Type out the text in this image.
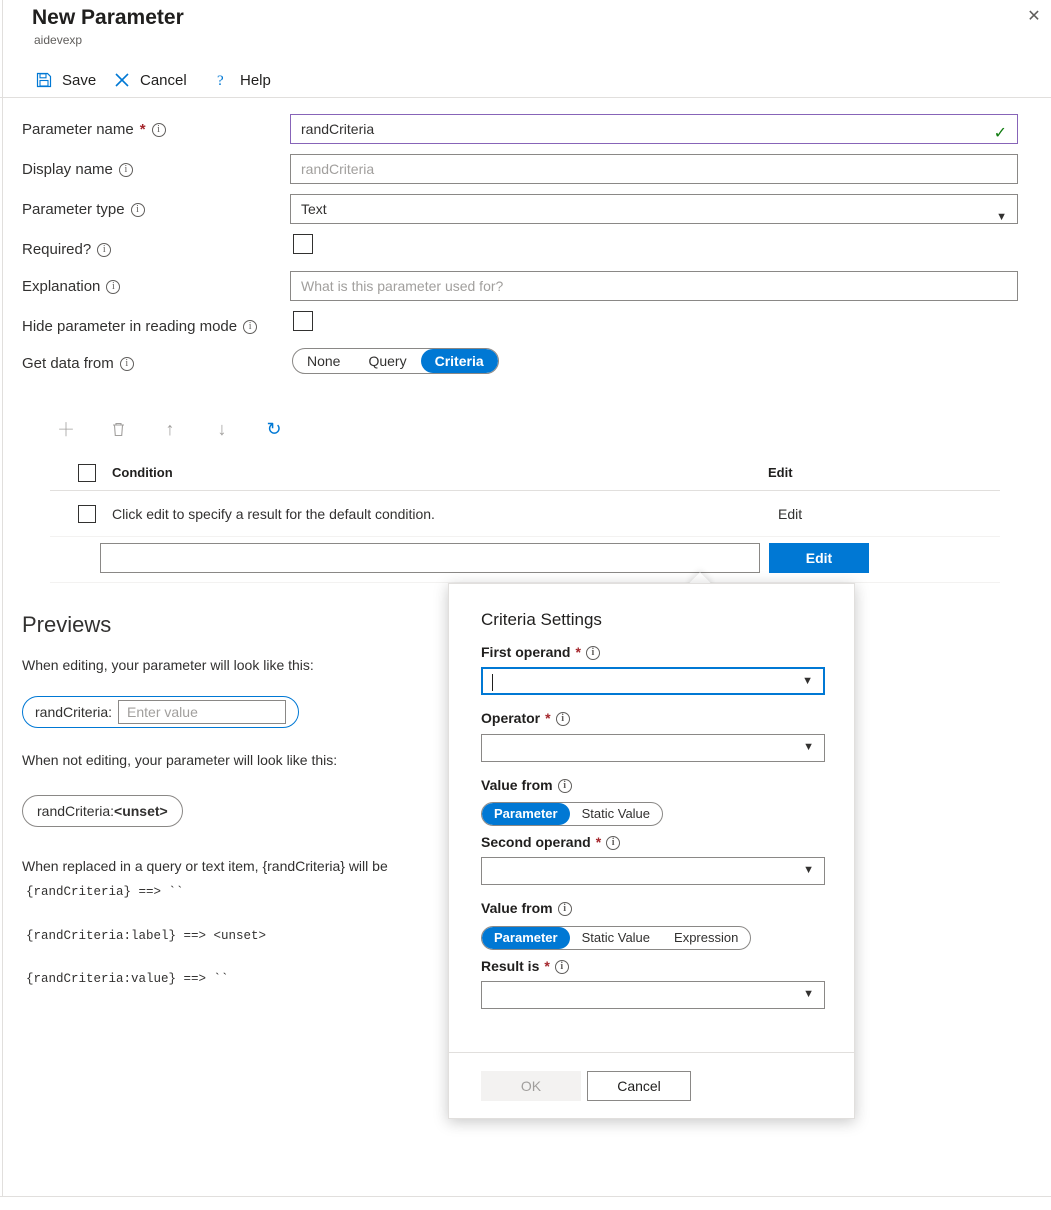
✕
New Parameter
aidevexp
Save	Cancel ? Help
Parameter name *	i	randCriteria	✓
Display name	i	randCriteria
Parameter type	i	Text	▼
Required?	i
Explanation	i	What is this parameter used for?
Hide parameter in reading mode	i
Get data from	i	None	Query	Criteria
＋	↑	↓	↻
Condition	Edit
Click edit to specify a result for the default condition.	Edit
Edit
Previews
When editing, your parameter will look like this:
randCriteria:	Enter value
When not editing, your parameter will look like this:
randCriteria: <unset>
When replaced in a query or text item, {randCriteria} will be
{randCriteria} ==> ``
{randCriteria:label} ==> <unset>
{randCriteria:value} ==> ``
Criteria Settings
First operand *	i
▼
Operator *	i
▼
Value from	i
Parameter	Static Value
Second operand *	i
▼
Value from	i
Parameter	Static Value	Expression
Result is *	i
▼
OK	Cancel
